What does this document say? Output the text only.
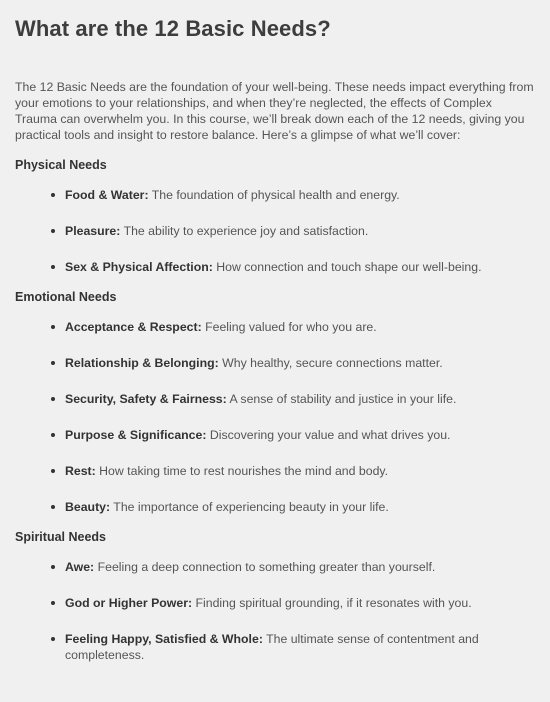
What are the 12 Basic Needs?

The 12 Basic Needs are the foundation of your well-being. These needs impact everything from your emotions to your relationships, and when they’re neglected, the effects of Complex Trauma can overwhelm you. In this course, we’ll break down each of the 12 needs, giving you practical tools and insight to restore balance. Here’s a glimpse of what we’ll cover:

Physical Needs
Food & Water: The foundation of physical health and energy.
Pleasure: The ability to experience joy and satisfaction.
Sex & Physical Affection: How connection and touch shape our well-being.
Emotional Needs
Acceptance & Respect: Feeling valued for who you are.
Relationship & Belonging: Why healthy, secure connections matter.
Security, Safety & Fairness: A sense of stability and justice in your life.
Purpose & Significance: Discovering your value and what drives you.
Rest: How taking time to rest nourishes the mind and body.
Beauty: The importance of experiencing beauty in your life.
Spiritual Needs
Awe: Feeling a deep connection to something greater than yourself.
God or Higher Power: Finding spiritual grounding, if it resonates with you.
Feeling Happy, Satisfied & Whole: The ultimate sense of contentment and completeness.
